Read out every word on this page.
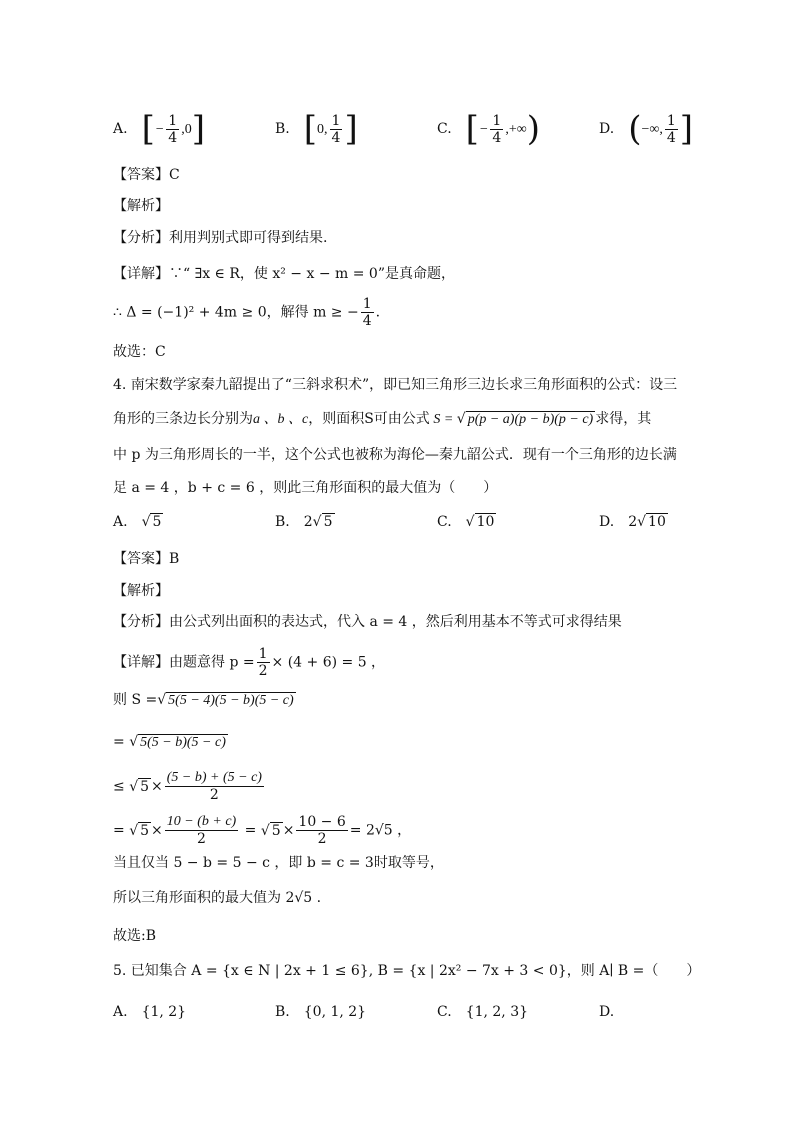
A. [− $\frac{1}{4} ,0$]	B. [0, $\frac{1}{4}$ ]	C. [− $\frac{1}{4}$ ,+∞)	D. (−∞, $\frac{1}{4}$ ]
【答案】C
【解析】
【分析】利用判别式即可得到结果.
【详解】∵“ ∃x ∈ R，使 x² − x − m = 0”是真命题，
∴ Δ = (−1)² + 4m ≥ 0，解得 m ≥ − $\frac{1}{4}$ .
故选：C
4. 南宋数学家秦九韶提出了“三斜求积术”，即已知三角形三边长求三角形面积的公式：设三
角形的三条边长分别为a 、b 、c，则面积S可由公式 S = √ p(p − a)(p − b)(p − c) 求得，其
中 p 为三角形周长的一半，这个公式也被称为海伦—秦九韶公式．现有一个三角形的边长满
足 a = 4 ，b + c = 6 ，则此三角形面积的最大值为（　　）
A. √ 5	B. 2√ 5	C. √ 10	D. 2√ 10
【答案】B
【解析】
【分析】由公式列出面积的表达式，代入 a = 4 ，然后利用基本不等式可求得结果
【详解】由题意得 $p = \frac{1}{2} \times (4 + 6) = 5$ ，
则 S =√ 5(5 − 4)(5 − b)(5 − c)
= √ 5(5 − b)(5 − c)
≤ √ $5 \times \frac{(5 - b) + (5 - c)}{2}$
= √ $5 \times \frac{10 - (b + c)}{2}$ = √ $5 \times \frac{10 - 6}{2} = 2√5$ ，
当且仅当 5 − b = 5 − c ，即 b = c = 3时取等号，
所以三角形面积的最大值为 2√5 .
故选:B
5. 已知集合 A = {x ∈ N | 2x + 1 ≤ 6}, B = {x | 2x² − 7x + 3 < 0}，则 A∣ B =（　　）
A. {1, 2}	B. {0, 1, 2}	C. {1, 2, 3}	D.
